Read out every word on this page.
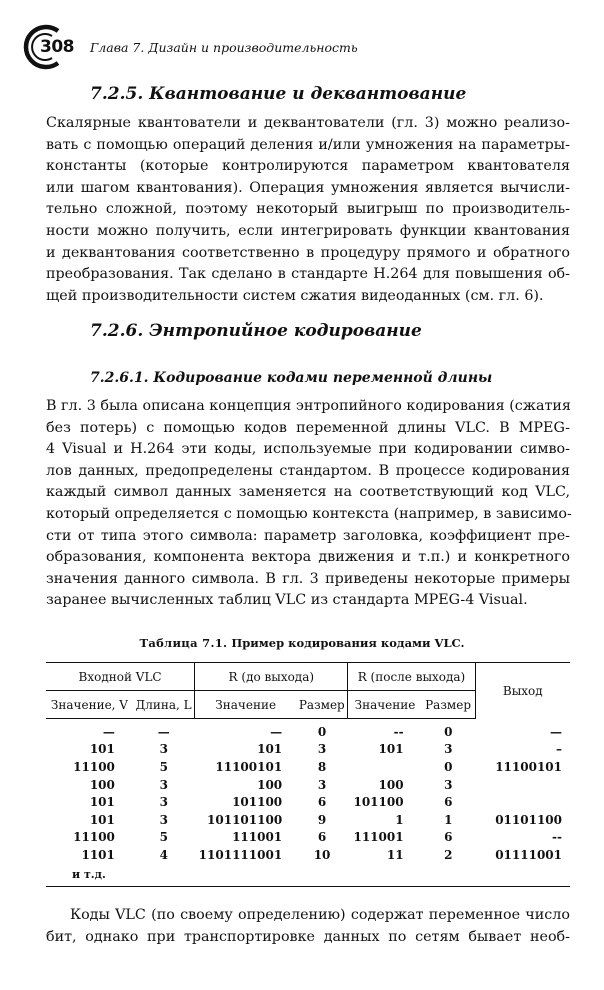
308 Глава 7. Дизайн и производительность
7.2.5. Квантование и деквантование
Скалярные квантователи и деквантователи (гл. 3) можно реализо-
вать с помощью операций деления и/или умножения на параметры-
константы (которые контролируются параметром квантователя
или шагом квантования). Операция умножения является вычисли-
тельно сложной, поэтому некоторый выигрыш по производитель-
ности можно получить, если интегрировать функции квантования
и деквантования соответственно в процедуру прямого и обратного
преобразования. Так сделано в стандарте H.264 для повышения об-
щей производительности систем сжатия видеоданных (см. гл. 6).
7.2.6. Энтропийное кодирование
7.2.6.1. Кодирование кодами переменной длины
В гл. 3 была описана концепция энтропийного кодирования (сжатия
без потерь) с помощью кодов переменной длины VLC. В MPEG-
4 Visual и H.264 эти коды, используемые при кодировании симво-
лов данных, предопределены стандартом. В процессе кодирования
каждый символ данных заменяется на соответствующий код VLC,
который определяется с помощью контекста (например, в зависимо-
сти от типа этого символа: параметр заголовка, коэффициент пре-
образования, компонента вектора движения и т.п.) и конкретного
значения данного символа. В гл. 3 приведены некоторые примеры
заранее вычисленных таблиц VLC из стандарта MPEG-4 Visual.
Таблица 7.1. Пример кодирования кодами VLC.
Входной VLC		R (до выхода)		R (после выхода)		Выход
Значение, V	Длина, L	Значение	Размер	Значение	Размер	
—	—	—	0	--	0	—
101	3	101	3	101	3	–
11100	5	11100101	8		0	11100101
100	3	100	3	100	3	
101	3	101100	6	101100	6	
101	3	101101100	9	1	1	01101100
11100	5	111001	6	111001	6	--
1101	4	1101111001	10	11	2	01111001
и т.д.						
Коды VLC (по своему определению) содержат переменное число
бит, однако при транспортировке данных по сетям бывает необ-
